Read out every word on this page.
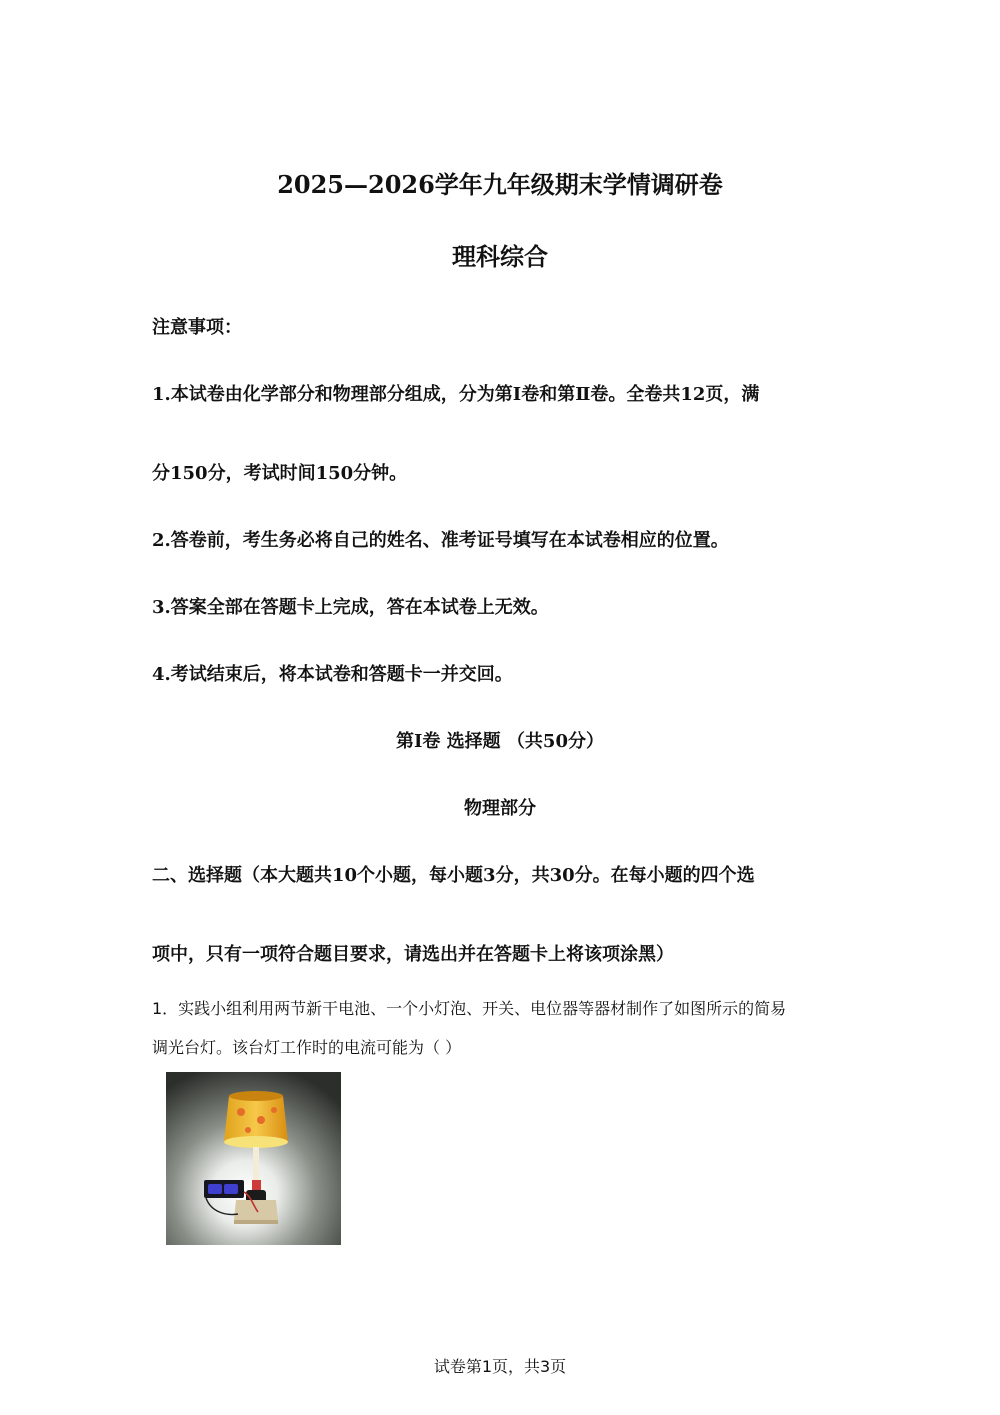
2025—2026学年九年级期末学情调研卷
理科综合
注意事项：
1.本试卷由化学部分和物理部分组成，分为第Ⅰ卷和第Ⅱ卷。全卷共12页，满
分150分，考试时间150分钟。
2.答卷前，考生务必将自己的姓名、准考证号填写在本试卷相应的位置。
3.答案全部在答题卡上完成，答在本试卷上无效。
4.考试结束后，将本试卷和答题卡一并交回。
第Ⅰ卷 选择题 （共50分）
物理部分
二、选择题（本大题共10个小题，每小题3分，共30分。在每小题的四个选
项中，只有一项符合题目要求，请选出并在答题卡上将该项涂黑）
1．实践小组利用两节新干电池、一个小灯泡、开关、电位器等器材制作了如图所示的简易
调光台灯。该台灯工作时的电流可能为（ ）
试卷第1页，共3页
